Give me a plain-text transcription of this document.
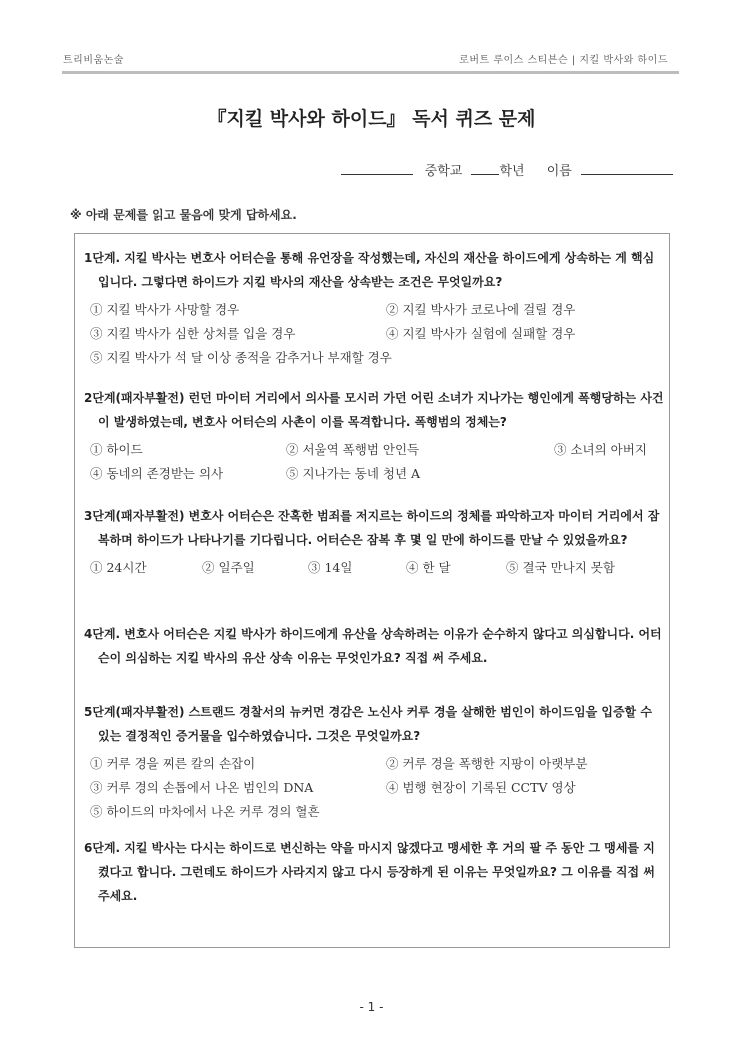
트리비움논술	로버트 루이스 스티븐슨 | 지킬 박사와 하이드
『지킬 박사와 하이드』 독서 퀴즈 문제
중학교	학년 이름
※ 아래 문제를 읽고 물음에 맞게 답하세요.
1단계. 지킬 박사는 변호사 어터슨을 통해 유언장을 작성했는데, 자신의 재산을 하이드에게 상속하는 게 핵심입니다. 그렇다면 하이드가 지킬 박사의 재산을 상속받는 조건은 무엇일까요?
① 지킬 박사가 사망할 경우	② 지킬 박사가 코로나에 걸릴 경우
③ 지킬 박사가 심한 상처를 입을 경우	④ 지킬 박사가 실험에 실패할 경우
⑤ 지킬 박사가 석 달 이상 종적을 감추거나 부재할 경우
2단계(패자부활전) 런던 마이터 거리에서 의사를 모시러 가던 어린 소녀가 지나가는 행인에게 폭행당하는 사건이 발생하였는데, 변호사 어터슨의 사촌이 이를 목격합니다. 폭행범의 정체는?
① 하이드	② 서울역 폭행범 안인득	③ 소녀의 아버지
④ 동네의 존경받는 의사	⑤ 지나가는 동네 청년 A
3단계(패자부활전) 변호사 어터슨은 잔혹한 범죄를 저지르는 하이드의 정체를 파악하고자 마이터 거리에서 잠복하며 하이드가 나타나기를 기다립니다. 어터슨은 잠복 후 몇 일 만에 하이드를 만날 수 있었을까요?
① 24시간	② 일주일	③ 14일	④ 한 달	⑤ 결국 만나지 못함
4단계. 변호사 어터슨은 지킬 박사가 하이드에게 유산을 상속하려는 이유가 순수하지 않다고 의심합니다. 어터슨이 의심하는 지킬 박사의 유산 상속 이유는 무엇인가요? 직접 써 주세요.
5단계(패자부활전) 스트랜드 경찰서의 뉴커먼 경감은 노신사 커루 경을 살해한 범인이 하이드임을 입증할 수 있는 결정적인 증거물을 입수하였습니다. 그것은 무엇일까요?
① 커루 경을 찌른 칼의 손잡이	② 커루 경을 폭행한 지팡이 아랫부분
③ 커루 경의 손톱에서 나온 범인의 DNA	④ 범행 현장이 기록된 CCTV 영상
⑤ 하이드의 마차에서 나온 커루 경의 혈흔
6단계. 지킬 박사는 다시는 하이드로 변신하는 약을 마시지 않겠다고 맹세한 후 거의 팔 주 동안 그 맹세를 지켰다고 합니다. 그런데도 하이드가 사라지지 않고 다시 등장하게 된 이유는 무엇일까요? 그 이유를 직접 써 주세요.
- 1 -
